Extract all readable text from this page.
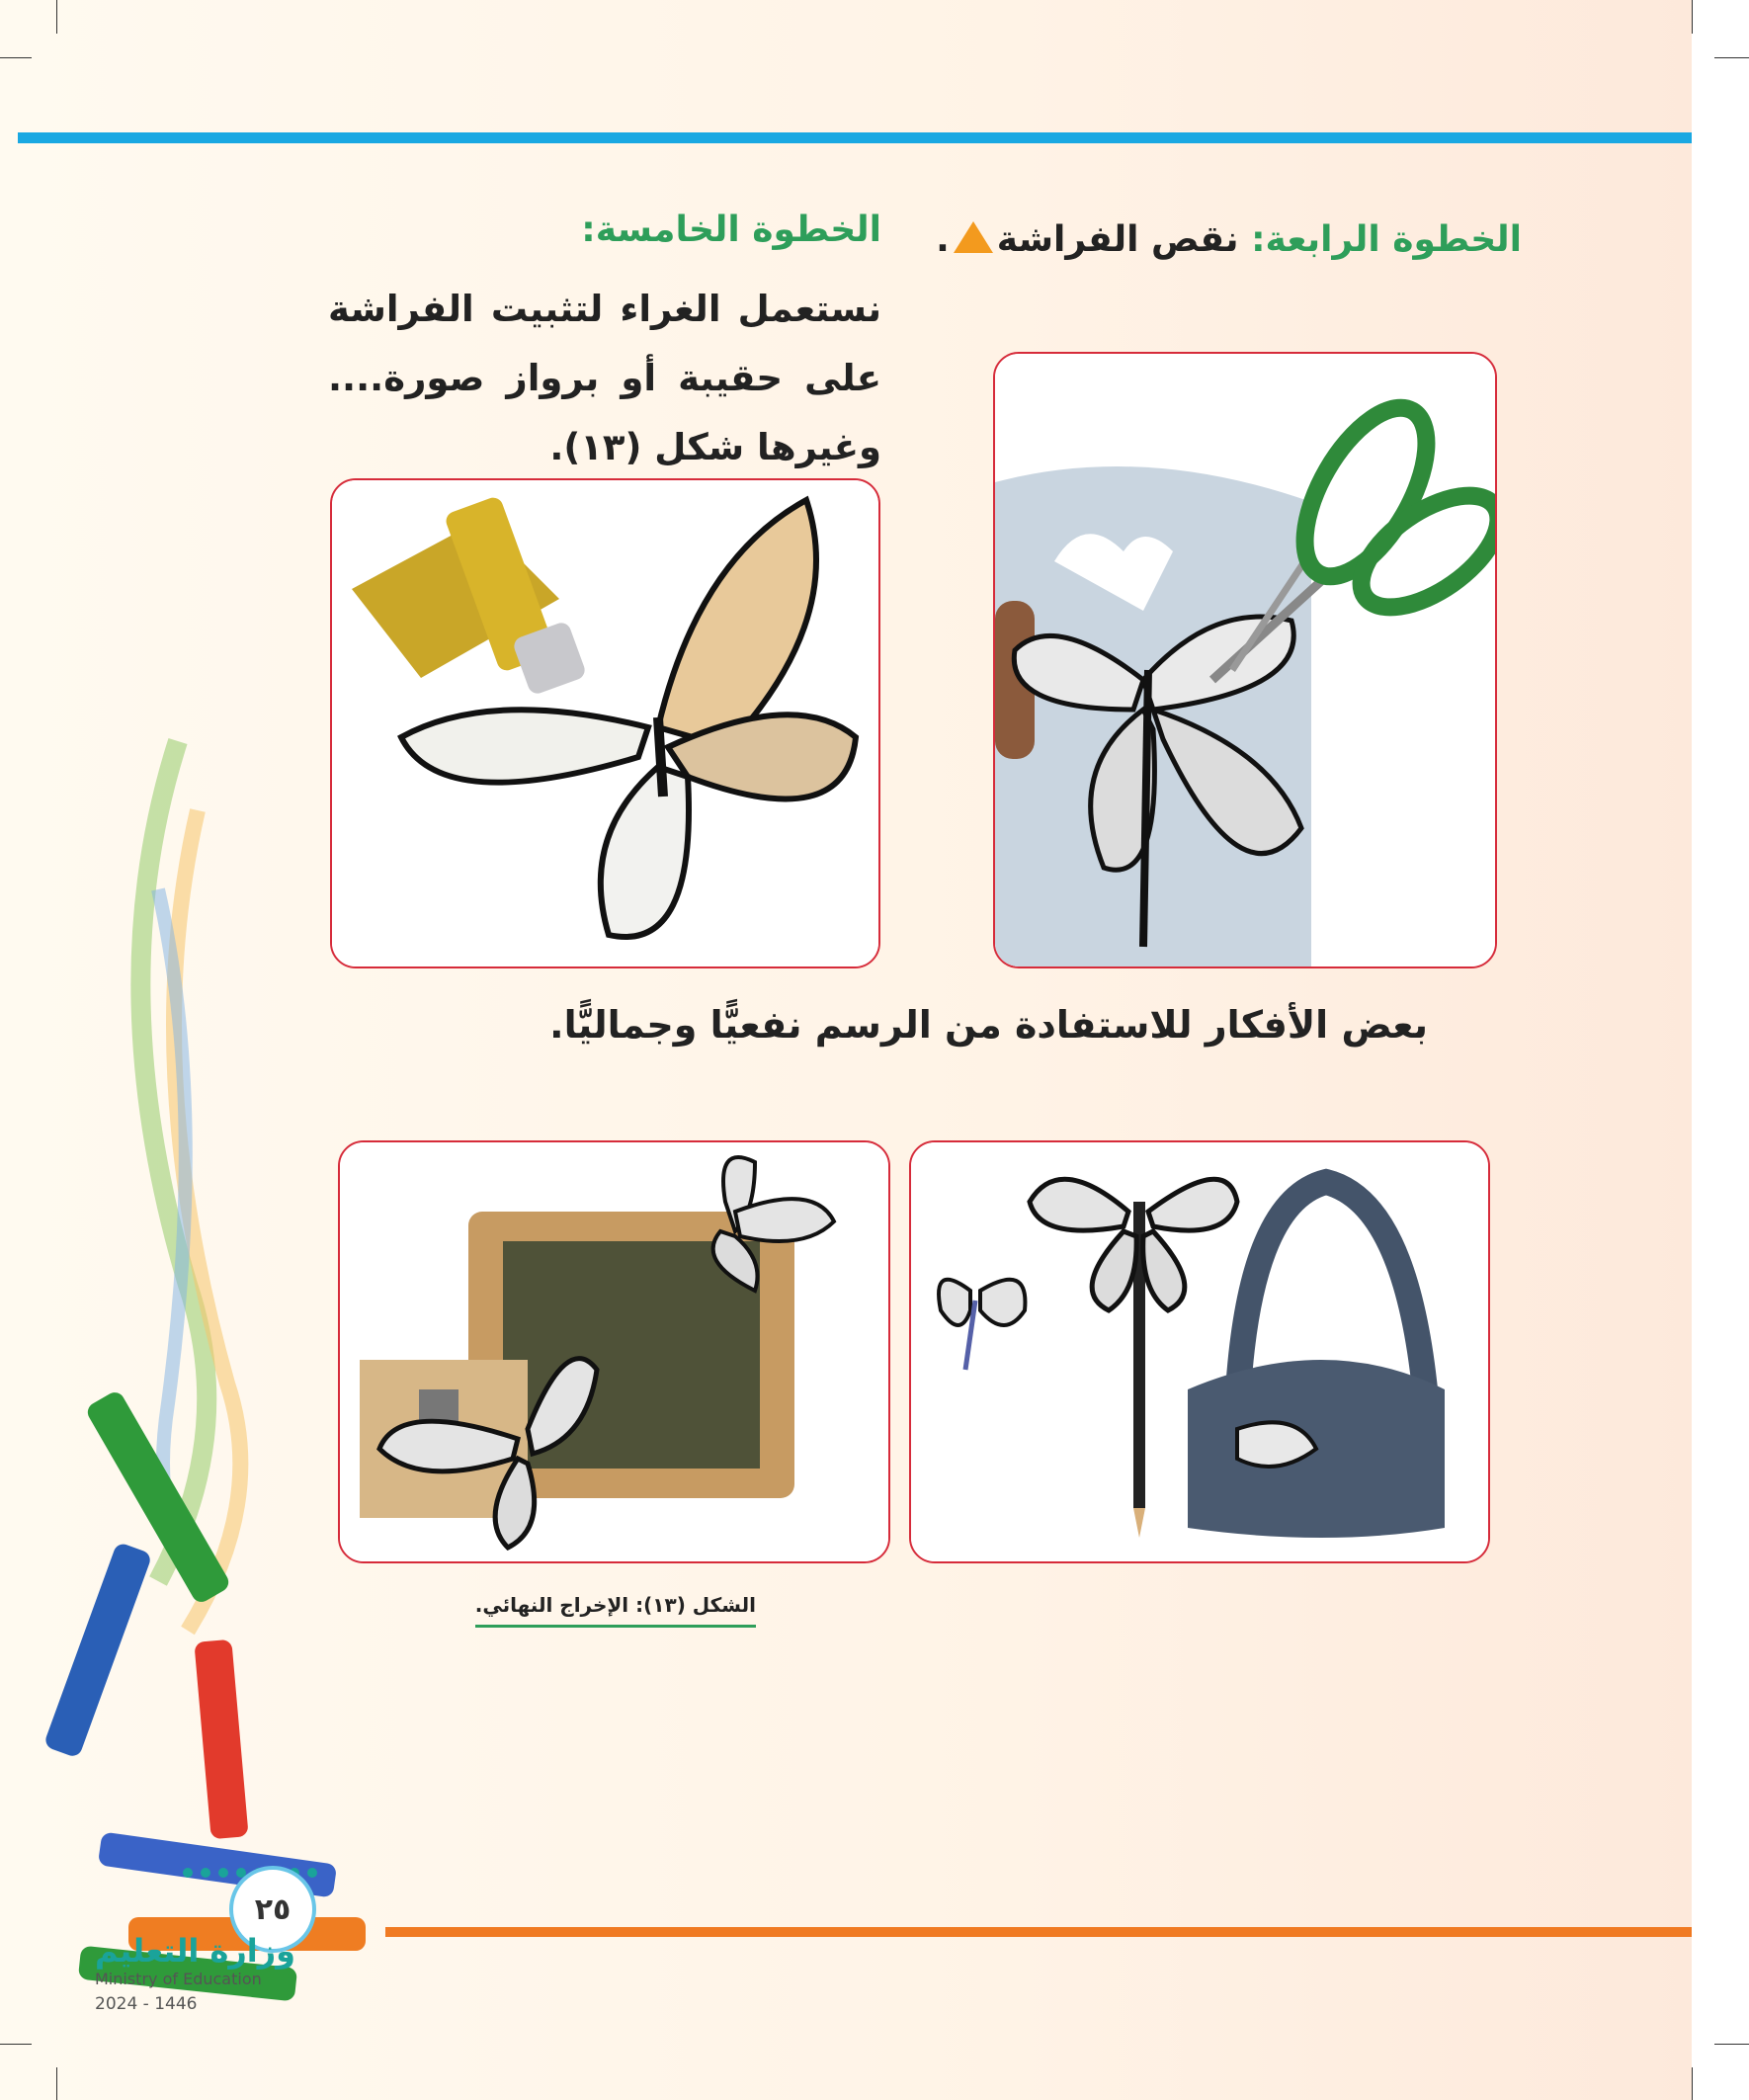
الخطوة الرابعة: نقص الفراشة.
الخطوة الخامسة:
نستعمل الغراء لتثبيت الفراشة على حقيبة أو برواز صورة.... وغيرها شكل (١٣).
بعض الأفكار للاستفادة من الرسم نفعيًّا وجماليًّا.
الشكل (١٣): الإخراج النهائي.
٢٥
وزارة التعليم
Ministry of Education
2024 - 1446
